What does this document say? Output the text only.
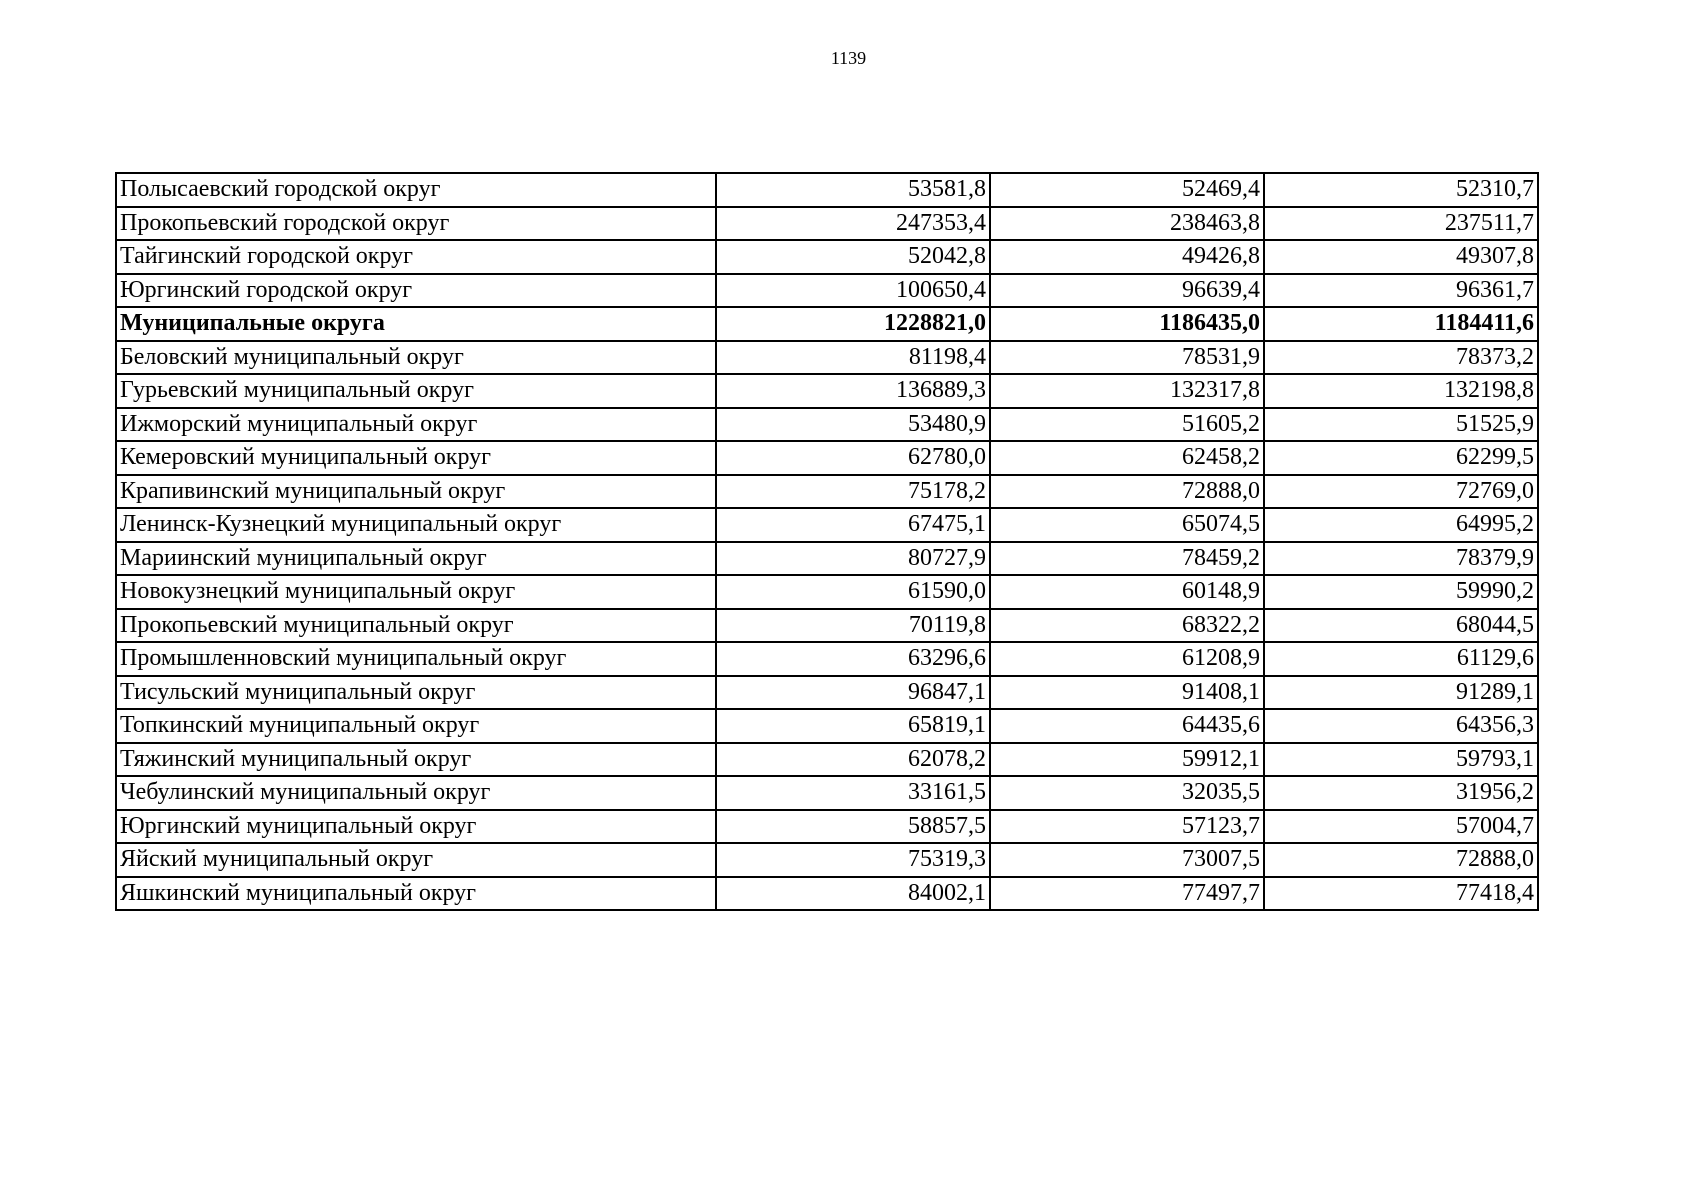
1139
Полысаевский городской округ	53581,8	52469,4	52310,7
Прокопьевский городской округ	247353,4	238463,8	237511,7
Тайгинский городской округ	52042,8	49426,8	49307,8
Юргинский городской округ	100650,4	96639,4	96361,7
Муниципальные округа	1228821,0	1186435,0	1184411,6
Беловский муниципальный округ	81198,4	78531,9	78373,2
Гурьевский муниципальный округ	136889,3	132317,8	132198,8
Ижморский муниципальный округ	53480,9	51605,2	51525,9
Кемеровский муниципальный округ	62780,0	62458,2	62299,5
Крапивинский муниципальный округ	75178,2	72888,0	72769,0
Ленинск-Кузнецкий муниципальный округ	67475,1	65074,5	64995,2
Мариинский муниципальный округ	80727,9	78459,2	78379,9
Новокузнецкий муниципальный округ	61590,0	60148,9	59990,2
Прокопьевский муниципальный округ	70119,8	68322,2	68044,5
Промышленновский муниципальный округ	63296,6	61208,9	61129,6
Тисульский муниципальный округ	96847,1	91408,1	91289,1
Топкинский муниципальный округ	65819,1	64435,6	64356,3
Тяжинский муниципальный округ	62078,2	59912,1	59793,1
Чебулинский муниципальный округ	33161,5	32035,5	31956,2
Юргинский муниципальный округ	58857,5	57123,7	57004,7
Яйский муниципальный округ	75319,3	73007,5	72888,0
Яшкинский муниципальный округ	84002,1	77497,7	77418,4
